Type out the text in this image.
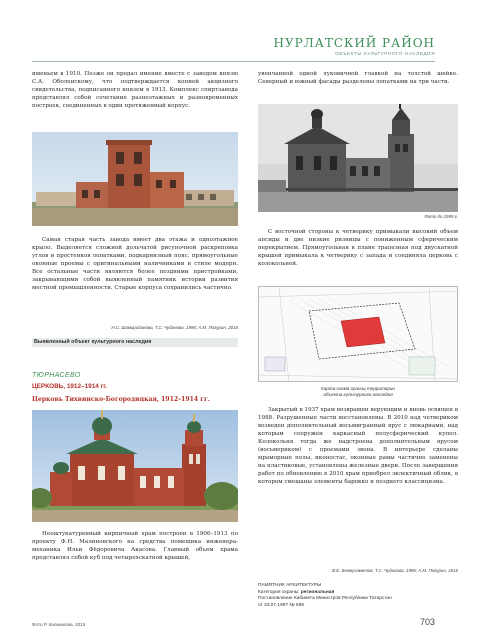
НУРЛАТСКИЙ РАЙОН
ОБЪЕКТЫ КУЛЬТУРНОГО НАСЛЕДИЯ

именьем в 1910. Позже он продал имение вместе с заводом князю С.А. Оболенскому, что подтверждается копией акцизного свидетельства, подписанного князем в 1913. Комплекс спиртзавода представлял собой сочетание разноэтажных и разновременных построек, соединенных в один протяженный корпус.

увенчанной одной луковичной главкой на толстой шейке. Северный и южный фасады разделены лопатками на три части.

Фото до 1999 г.

С восточной стороны к четверику примыкали высокий объем апсиды и две низкие ризницы с пониженным сферическим перекрытием. Прямоугольная в плане трапезная под двускатной крышей примыкала к четверику с запада и соединяла церковь с колокольней.

Самая старая часть завода имеет два этажа и одноэтажное крыло. Выделяется сложной дольчатой рисуночной раскреповка углов и простенков лопатками, подкарнизный пояс, прямоугольные оконные проемы с оригинальными наличниками в стиле модерн. Все остальные части являются более поздними пристройками, закрывающими собой выявленный памятник истории развития местной промышленности. Старые корпуса сохранились частично.

Н.С. Шамирадинова, Т.С. Чудинова, 1996; А.М. Погурин, 2016
Выявленный объект культурного наследия
Карта-схема границ территории
объекта культурного наследия
ТЮРНАСЕВО
ЦЕРКОВЬ, 1912–1914 гг.
Церковь Тихвинско-Богородицкая, 1912–1914 гг.

Неоштукатуренный кирпичный храм построен в 1906–1913 по проекту Ф.Н. Малиновского на средства помещика инженера-механика Ильи Фёдоровича Акасова. Главный объем храма представлял собой куб под четырехскатной крышей,

Закрытый в 1937 храм возвращен верующим и вновь освящен в 1988. Разрушенные части восстановлены. В 2010 над четвериком возведен дополнительный восьмигранный ярус с люкарнами, над которым сооружен каркасный полусферический купол. Колокольня тогда же надстроена дополнительным ярусом (восьмериком) с проемами звона. В интерьере сделаны мраморные полы, иконостас, оконные рамы частично заменены на пластиковые, установлены железные двери. После завершения работ по обновлению в 2010 храм приобрел эклектичный облик, в котором смешаны элементы барокко и позднего классицизма.

В.Е. Бекмухаметов, Т.С. Чудинова, 1996; А.М. Погурин, 2016
ПАМЯТНИК АРХИТЕКТУРЫ
Категория охраны: региональная
Постановление Кабинета Министров Республики Татарстан
от 23.07.1997 № 599
Фото Р. Калмыкова, 2015	703
